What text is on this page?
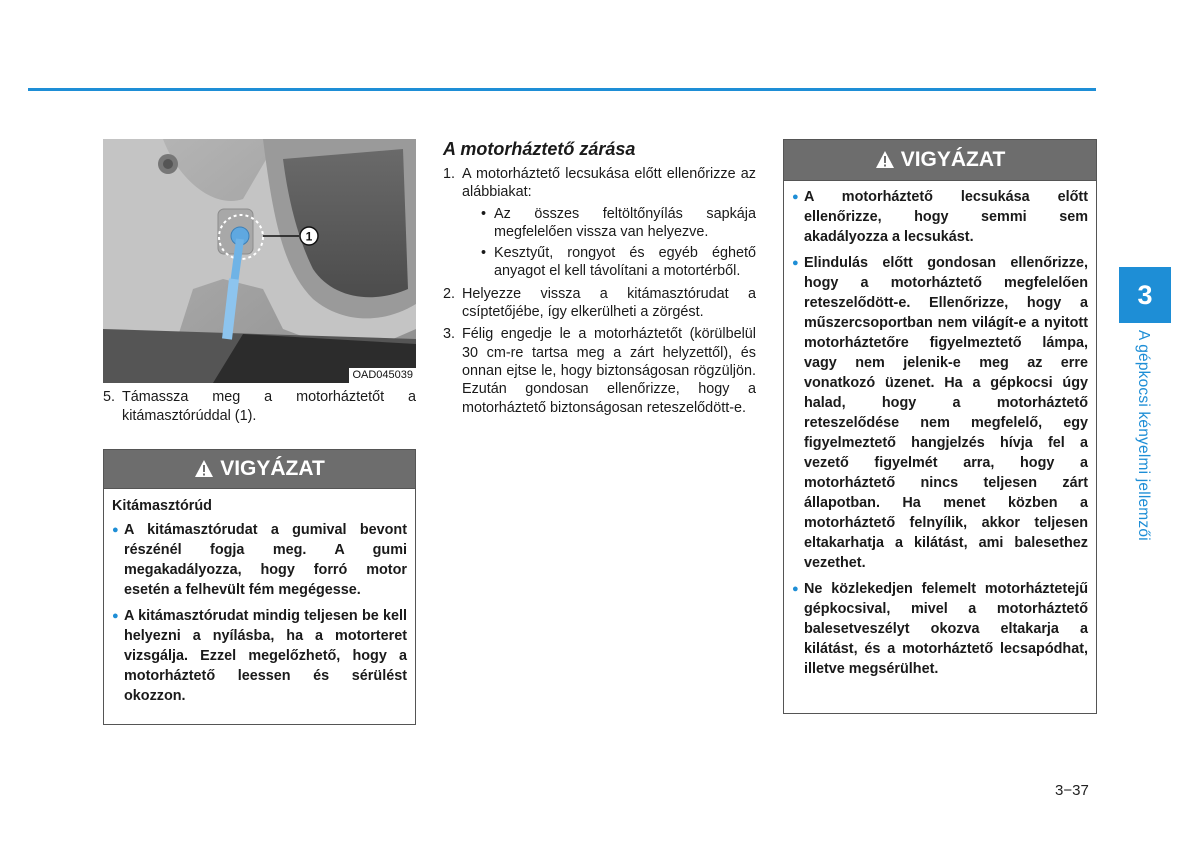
1
OAD045039
5. Támassza meg a motorháztetőt a kitámasztórúddal (1).
VIGYÁZAT
Kitámasztórúd
● A kitámasztórudat a gumival bevont részénél fogja meg. A gumi megakadályozza, hogy forró motor esetén a felhevült fém megégesse.
● A kitámasztórudat mindig teljesen be kell helyezni a nyílásba, ha a motorteret vizsgálja. Ezzel megelőzhető, hogy a motorháztető leessen és sérülést okozzon.
A motorháztető zárása
1. A motorháztető lecsukása előtt ellenőrizze az alábbiakat:
• Az összes feltöltőnyílás sapkája megfelelően vissza van helyezve.
• Kesztyűt, rongyot és egyéb éghető anyagot el kell távolítani a motortérből.
2. Helyezze vissza a kitámasztórudat a csíptetőjébe, így elkerülheti a zörgést.
3. Félig engedje le a motorháztetőt (körülbelül 30 cm-re tartsa meg a zárt helyzettől), és onnan ejtse le, hogy biztonságosan rögzüljön. Ezután gondosan ellenőrizze, hogy a motorháztető biztonságosan reteszelődött-e.
VIGYÁZAT
● A motorháztető lecsukása előtt ellenőrizze, hogy semmi sem akadályozza a lecsukást.
● Elindulás előtt gondosan ellenőrizze, hogy a motorháztető megfelelően reteszelődött-e. Ellenőrizze, hogy a műszercsoportban nem világít-e a nyitott motorháztetőre figyelmeztető lámpa, vagy nem jelenik-e meg az erre vonatkozó üzenet. Ha a gépkocsi úgy halad, hogy a motorháztető reteszelődése nem megfelelő, egy figyelmeztető hangjelzés hívja fel a vezető figyelmét arra, hogy a motorháztető nincs teljesen zárt állapotban. Ha menet közben a motorháztető felnyílik, akkor teljesen eltakarhatja a kilátást, ami balesethez vezethet.
● Ne közlekedjen felemelt motorháztetejű gépkocsival, mivel a motorháztető balesetveszélyt okozva eltakarja a kilátást, és a motorháztető lecsapódhat, illetve megsérülhet.
3
A gépkocsi kényelmi jellemzői
3−37
